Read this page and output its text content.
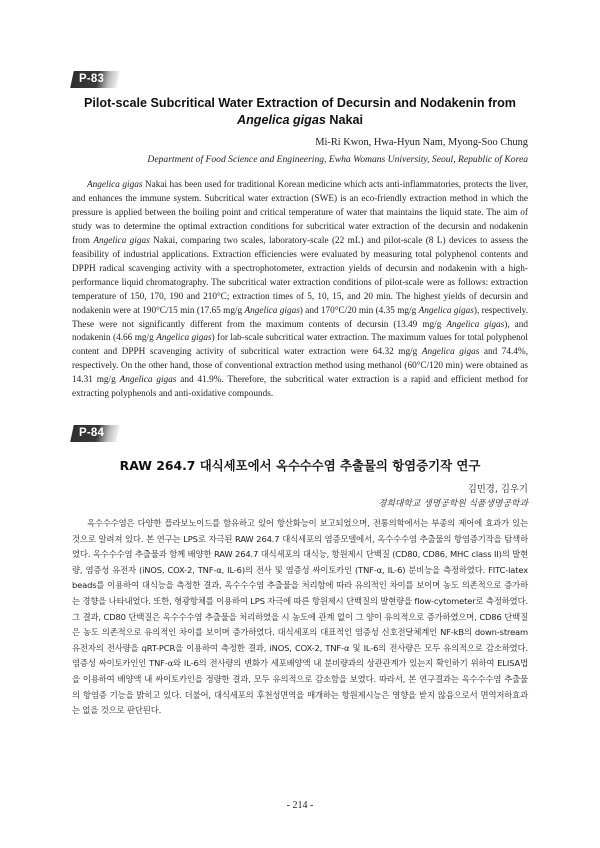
P-83
Pilot-scale Subcritical Water Extraction of Decursin and Nodakenin from
Angelica gigas Nakai
Mi-Ri Kwon, Hwa-Hyun Nam, Myong-Soo Chung
Department of Food Science and Engineering, Ewha Womans University, Seoul, Republic of Korea

Angelica gigas Nakai has been used for traditional Korean medicine which acts anti-inflammatories, protects the liver, and enhances the immune system. Subcritical water extraction (SWE) is an eco-friendly extraction method in which the pressure is applied between the boiling point and critical temperature of water that maintains the liquid state. The aim of study was to determine the optimal extraction conditions for subcritical water extraction of the decursin and nodakenin from Angelica gigas Nakai, comparing two scales, laboratory-scale (22 mL) and pilot-scale (8 L) devices to assess the feasibility of industrial applications. Extraction efficiencies were evaluated by measuring total polyphenol contents and DPPH radical scavenging activity with a spectrophotometer, extraction yields of decursin and nodakenin with a high-performance liquid chromatography. The subcritical water extraction conditions of pilot-scale were as follows: extraction temperature of 150, 170, 190 and 210°C; extraction times of 5, 10, 15, and 20 min. The highest yields of decursin and nodakenin were at 190°C/15 min (17.65 mg/g Angelica gigas) and 170°C/20 min (4.35 mg/g Angelica gigas), respectively. These were not significantly different from the maximum contents of decursin (13.49 mg/g Angelica gigas), and nodakenin (4.66 mg/g Angelica gigas) for lab-scale subcritical water extraction. The maximum values for total polyphenol content and DPPH scavenging activity of subcritical water extraction were 64.32 mg/g Angelica gigas and 74.4%, respectively. On the other hand, those of conventional extraction method using methanol (60°C/120 min) were obtained as 14.31 mg/g Angelica gigas and 41.9%. Therefore, the subcritical water extraction is a rapid and efficient method for extracting polyphenols and anti-oxidative compounds.

P-84
RAW 264.7 대식세포에서 옥수수수염 추출물의 항염증기작 연구
김민경, 김우기
경희대학교 생명공학원 식품생명공학과

옥수수수염은 다양한 플라보노이드를 함유하고 있어 항산화능이 보고되었으며, 전통의학에서는 부종의 제어에 효과가 있는 것으로 알려져 있다. 본 연구는 LPS로 자극된 RAW 264.7 대식세포의 염증모델에서, 옥수수수염 추출물의 항염증기작을 탐색하였다. 옥수수수염 추출물과 함께 배양한 RAW 264.7 대식세포의 대식능, 항원제시 단백질 (CD80, CD86, MHC class II)의 발현량, 염증성 유전자 (iNOS, COX-2, TNF-α, IL-6)의 전사 및 염증성 싸이토카인 (TNF-α, IL-6) 분비능을 측정하였다. FITC-latex beads를 이용하여 대식능을 측정한 결과, 옥수수수염 추출물을 처리함에 따라 유의적인 차이를 보이며 농도 의존적으로 증가하는 경향을 나타내었다. 또한, 형광항체를 이용하여 LPS 자극에 따른 항원제시 단백질의 발현량을 flow-cytometer로 측정하였다. 그 결과, CD80 단백질은 옥수수수염 추출물을 처리하였을 시 농도에 관계 없이 그 양이 유의적으로 증가하였으며, CD86 단백질은 농도 의존적으로 유의적인 차이를 보이며 증가하였다. 대식세포의 대표적인 염증성 신호전달체계인 NF-kB의 down-stream 유전자의 전사량을 qRT-PCR을 이용하여 측정한 결과, iNOS, COX-2, TNF-α 및 IL-6의 전사량은 모두 유의적으로 감소하였다. 염증성 싸이토카인인 TNF-α와 IL-6의 전사량의 변화가 세포배양액 내 분비량과의 상관관계가 있는지 확인하기 위하여 ELISA법을 이용하여 배양액 내 싸이토카인을 정량한 결과, 모두 유의적으로 감소함을 보였다. 따라서, 본 연구결과는 옥수수수염 추출물의 항염증 기능을 밝히고 있다. 더불어, 대식세포의 후천성면역을 매개하는 항원제시능은 영향을 받지 않음으로서 면역저하효과는 없을 것으로 판단된다.

- 214 -
